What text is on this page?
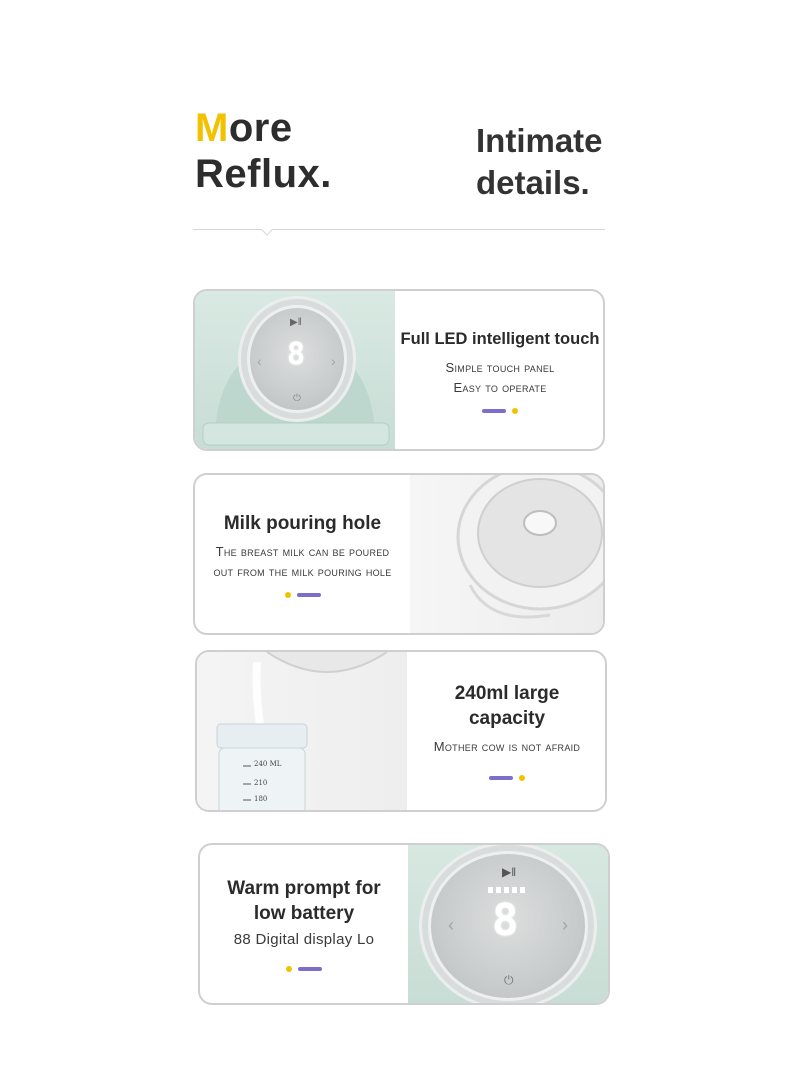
More
Reflux.
Intimate
details.
▶‖
8
‹	›
⏻
Full LED intelligent touch
Simple touch panel
Easy to operate
Milk pouring hole
The breast milk can be poured
out from the milk pouring hole
240 ML
210
180
240ml large
capacity
Mother cow is not afraid
Warm prompt for
low battery
88 Digital display Lo
▶‖
8
‹	›
⏻
